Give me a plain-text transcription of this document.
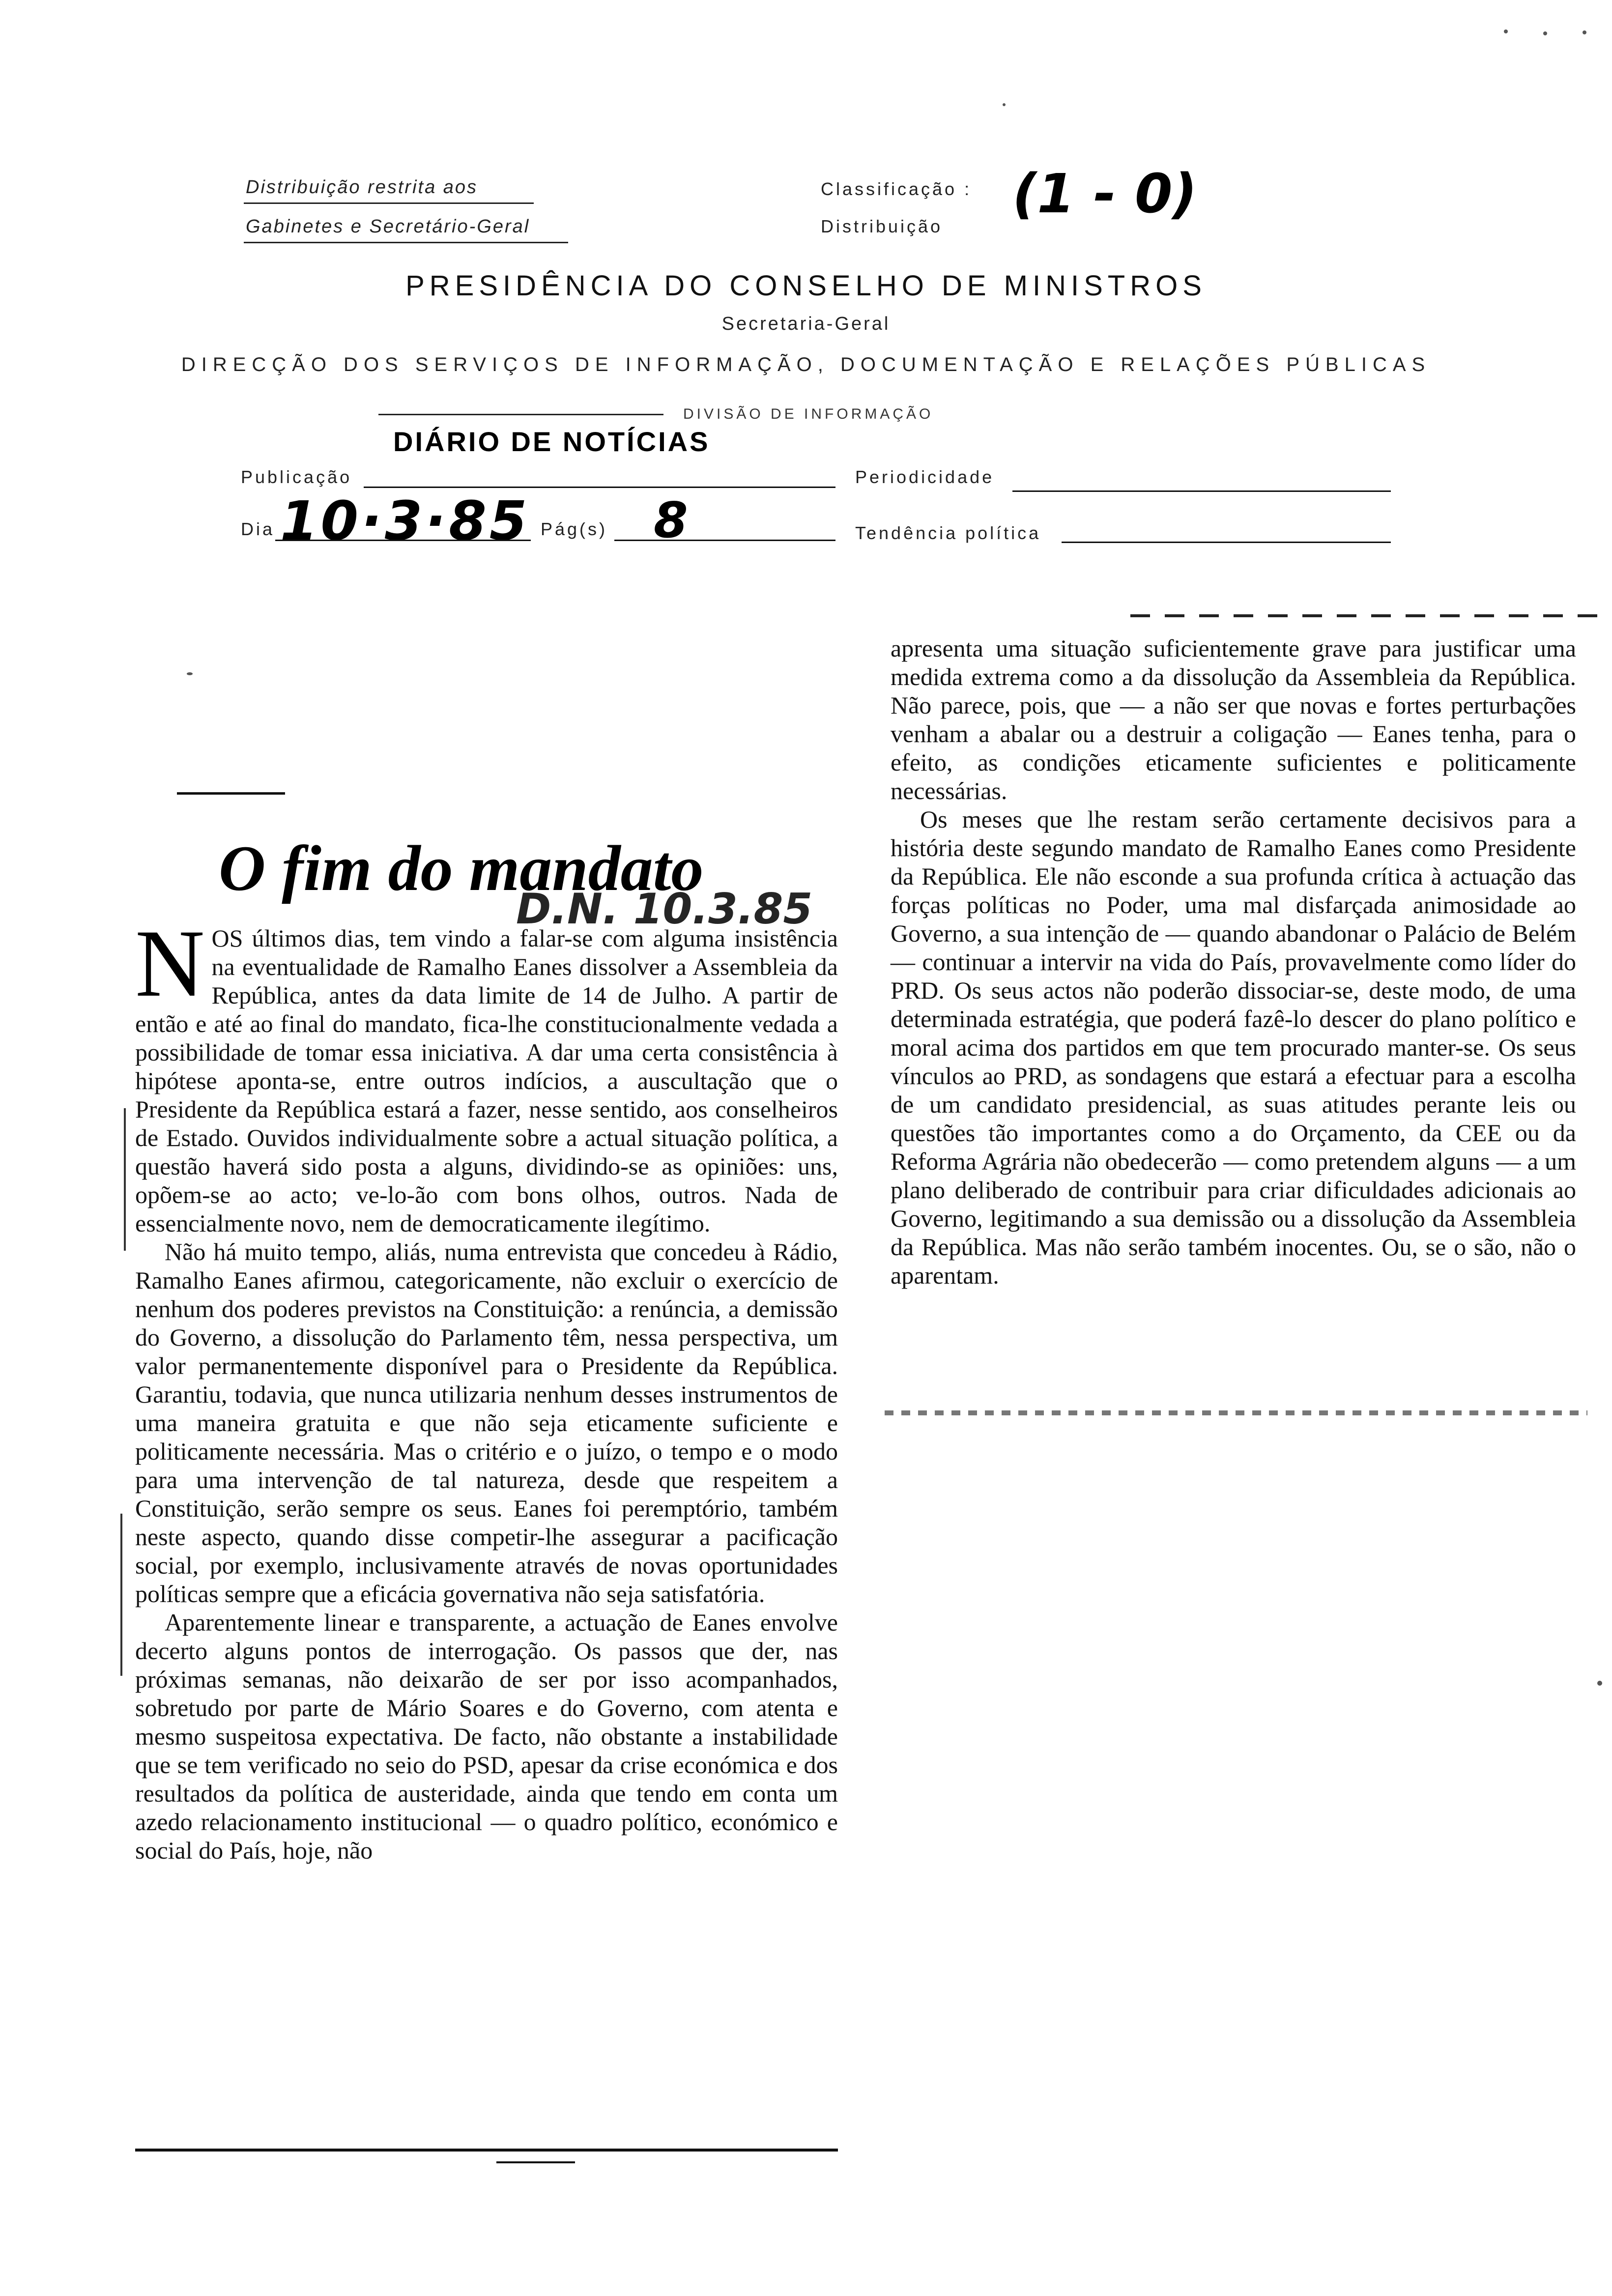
Distribuição restrita aos
Gabinetes e Secretário-Geral
Classificação :
Distribuição
(1 - 0)
PRESIDÊNCIA DO CONSELHO DE MINISTROS
Secretaria-Geral
DIRECÇÃO DOS SERVIÇOS DE INFORMAÇÃO, DOCUMENTAÇÃO E RELAÇÕES PÚBLICAS
DIVISÃO DE INFORMAÇÃO
DIÁRIO DE NOTÍCIAS
Publicação	Periodicidade
Dia 10·3·85 Pág(s) 8	Tendência política
O fim do mandato
D.N. 10.3.85

NOS últimos dias, tem vindo a falar-se com alguma insistência na eventualidade de Ramalho Eanes dissolver a Assembleia da República, antes da data limite de 14 de Julho. A partir de então e até ao final do mandato, fica-lhe constitucionalmente vedada a possibilidade de tomar essa iniciativa. A dar uma certa consistência à hipótese aponta-se, entre outros indícios, a auscultação que o Presidente da República estará a fazer, nesse sentido, aos conselheiros de Estado. Ouvidos individualmente sobre a actual situação política, a questão haverá sido posta a alguns, dividindo-se as opiniões: uns, opõem-se ao acto; ve-lo-ão com bons olhos, outros. Nada de essencialmente novo, nem de democraticamente ilegítimo.

Não há muito tempo, aliás, numa entrevista que concedeu à Rádio, Ramalho Eanes afirmou, categoricamente, não excluir o exercício de nenhum dos poderes previstos na Constituição: a renúncia, a demissão do Governo, a dissolução do Parlamento têm, nessa perspectiva, um valor permanentemente disponível para o Presidente da República. Garantiu, todavia, que nunca utilizaria nenhum desses instrumentos de uma maneira gratuita e que não seja eticamente suficiente e politicamente necessária. Mas o critério e o juízo, o tempo e o modo para uma intervenção de tal natureza, desde que respeitem a Constituição, serão sempre os seus. Eanes foi peremptório, também neste aspecto, quando disse competir-lhe assegurar a pacificação social, por exemplo, inclusivamente através de novas oportunidades políticas sempre que a eficácia governativa não seja satisfatória.

Aparentemente linear e transparente, a actuação de Eanes envolve decerto alguns pontos de interrogação. Os passos que der, nas próximas semanas, não deixarão de ser por isso acompanhados, sobretudo por parte de Mário Soares e do Governo, com atenta e mesmo suspeitosa expectativa. De facto, não obstante a instabilidade que se tem verificado no seio do PSD, apesar da crise económica e dos resultados da política de austeridade, ainda que tendo em conta um azedo relacionamento institucional — o quadro político, económico e social do País, hoje, não

apresenta uma situação suficientemente grave para justificar uma medida extrema como a da dissolução da Assembleia da República. Não parece, pois, que — a não ser que novas e fortes perturbações venham a abalar ou a destruir a coligação — Eanes tenha, para o efeito, as condições eticamente suficientes e politicamente necessárias.

Os meses que lhe restam serão certamente decisivos para a história deste segundo mandato de Ramalho Eanes como Presidente da República. Ele não esconde a sua profunda crítica à actuação das forças políticas no Poder, uma mal disfarçada animosidade ao Governo, a sua intenção de — quando abandonar o Palácio de Belém — continuar a intervir na vida do País, provavelmente como líder do PRD. Os seus actos não poderão dissociar-se, deste modo, de uma determinada estratégia, que poderá fazê-lo descer do plano político e moral acima dos partidos em que tem procurado manter-se. Os seus vínculos ao PRD, as sondagens que estará a efectuar para a escolha de um candidato presidencial, as suas atitudes perante leis ou questões tão importantes como a do Orçamento, da CEE ou da Reforma Agrária não obedecerão — como pretendem alguns — a um plano deliberado de contribuir para criar dificuldades adicionais ao Governo, legitimando a sua demissão ou a dissolução da Assembleia da República. Mas não serão também inocentes. Ou, se o são, não o aparentam.
